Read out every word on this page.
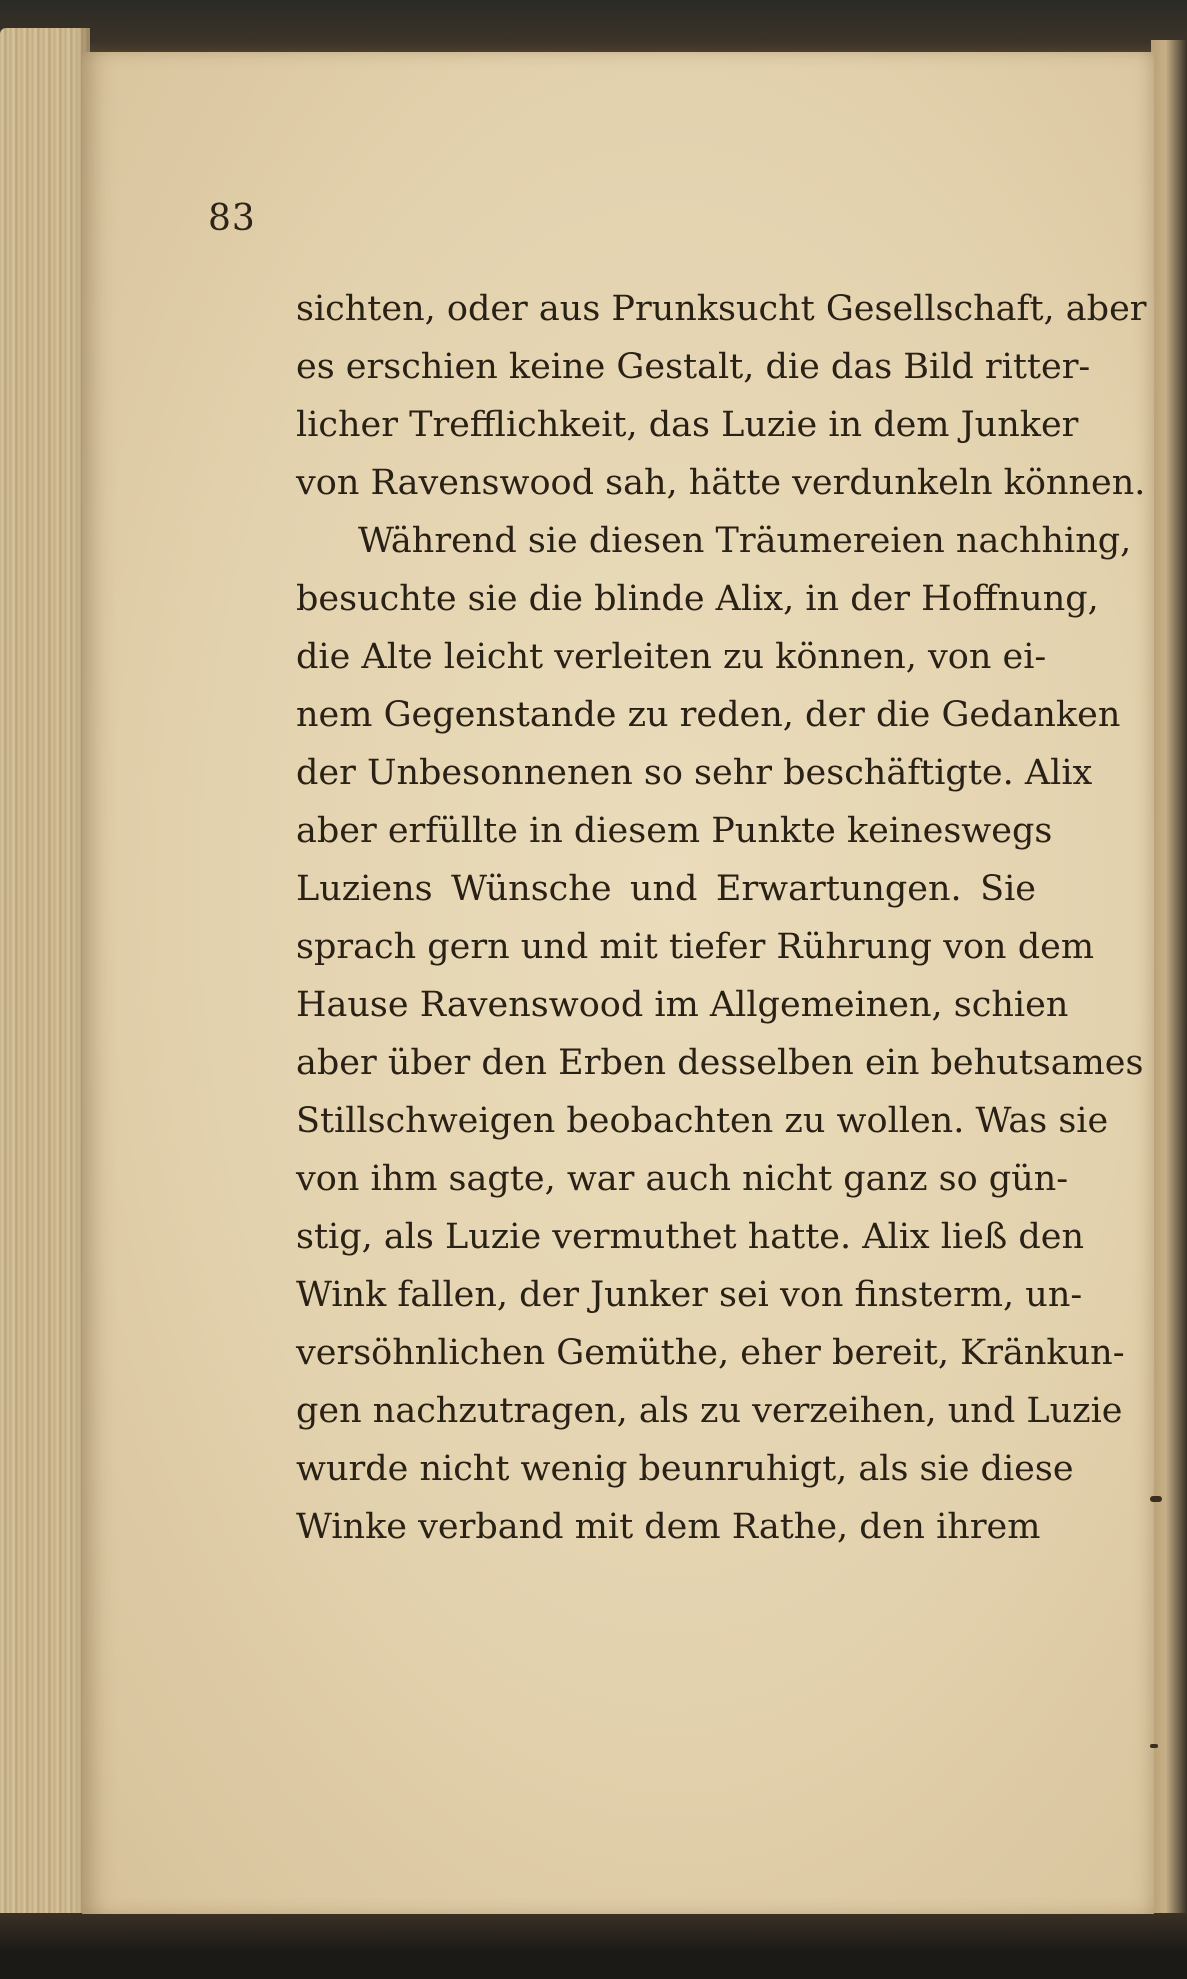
83

sichten, oder aus Prunksucht Gesellschaft, aber
es erschien keine Gestalt, die das Bild ritter-
licher Trefflichkeit, das Luzie in dem Junker
von Ravenswood sah, hätte verdunkeln können.
Während sie diesen Träumereien nachhing,
besuchte sie die blinde Alix, in der Hoffnung,
die Alte leicht verleiten zu können, von ei-
nem Gegenstande zu reden, der die Gedanken
der Unbesonnenen so sehr beschäftigte. Alix
aber erfüllte in diesem Punkte keineswegs
Luziens Wünsche und Erwartungen. Sie
sprach gern und mit tiefer Rührung von dem
Hause Ravenswood im Allgemeinen, schien
aber über den Erben desselben ein behutsames
Stillschweigen beobachten zu wollen. Was sie
von ihm sagte, war auch nicht ganz so gün-
stig, als Luzie vermuthet hatte. Alix ließ den
Wink fallen, der Junker sei von finsterm, un-
versöhnlichen Gemüthe, eher bereit, Kränkun-
gen nachzutragen, als zu verzeihen, und Luzie
wurde nicht wenig beunruhigt, als sie diese
Winke verband mit dem Rathe, den ihrem
